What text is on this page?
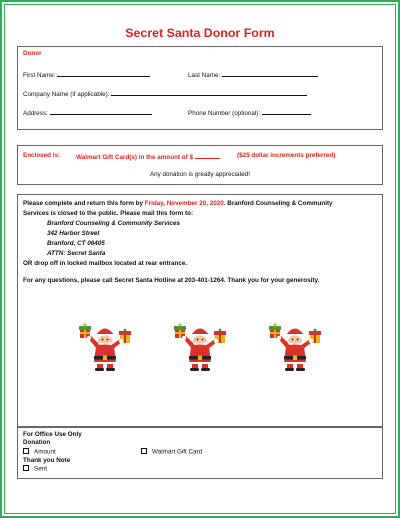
Secret Santa Donor Form
Donor
First Name:	Last Name:
Company Name (if applicable):
Address:	Phone Number (optional):
Enclosed is:	Walmart Gift Card(s) in the amount of $	($25 dollar increments preferred)
Any donation is greatly appreciated!
Please complete and return this form by Friday, November 20, 2020. Branford Counseling & Community
Services is closed to the public. Please mail this form to:
Branford Counseling & Community Services
342 Harbor Street
Branford, CT 06405
ATTN: Secret Santa
OR drop off in locked mailbox located at rear entrance.
For any questions, please call Secret Santa Hotline at 203-401-1264. Thank you for your generosity.
For Office Use Only
Donation
Amount	Walmart Gift Card
Thank you Note
Sent
